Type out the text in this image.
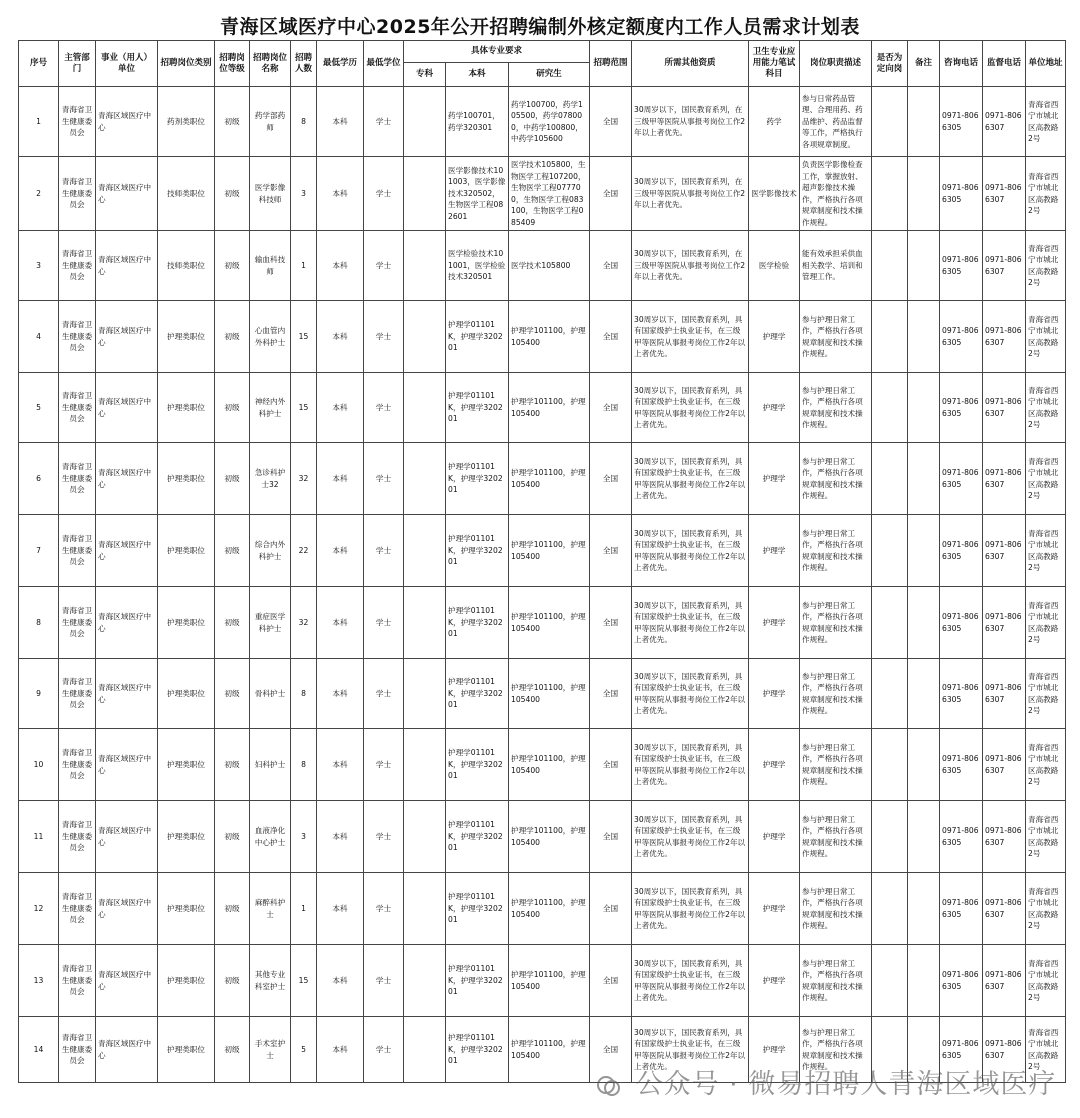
青海区域医疗中心2025年公开招聘编制外核定额度内工作人员需求计划表
序号	主管部门	事业（用人）单位	招聘岗位类别	招聘岗位等级	招聘岗位名称	招聘人数	最低学历	最低学位	具体专业要求			招聘范围	所需其他资质	卫生专业应用能力笔试科目	岗位职责描述	是否为定向岗	备注	咨询电话	监督电话	单位地址
									专科	本科	研究生									
1	青海省卫生健康委员会	青海区域医疗中心	药剂类职位	初级	药学部药师	8	本科	学士		药学100701，药学320301	药学100700，药学105500，药学078000，中药学100800，中药学105600	全国	30周岁以下，国民教育系列，在三级甲等医院从事报考岗位工作2年以上者优先。	药学	参与日常药品管理、合理用药、药品维护、药品监督等工作，严格执行各项规章制度。			0971-8066305	0971-8066307	青海省西宁市城北区高教路2号
2	青海省卫生健康委员会	青海区域医疗中心	技师类职位	初级	医学影像科技师	3	本科	学士		医学影像技术101003，医学影像技术320502，生物医学工程082601	医学技术105800，生物医学工程107200，生物医学工程077700，生物医学工程083100，生物医学工程085409	全国	30周岁以下，国民教育系列，在三级甲等医院从事报考岗位工作2年以上者优先。	医学影像技术	负责医学影像检查工作，掌握放射、超声影像技术操作，严格执行各项规章制度和技术操作规程。			0971-8066305	0971-8066307	青海省西宁市城北区高教路2号
3	青海省卫生健康委员会	青海区域医疗中心	技师类职位	初级	输血科技师	1	本科	学士		医学检验技术101001，医学检验技术320501	医学技术105800	全国	30周岁以下，国民教育系列，在三级甲等医院从事报考岗位工作2年以上者优先。	医学检验	能有效承担采供血相关教学、培训和管理工作。			0971-8066305	0971-8066307	青海省西宁市城北区高教路2号
4	青海省卫生健康委员会	青海区域医疗中心	护理类职位	初级	心血管内外科护士	15	本科	学士		护理学01101K，护理学320201	护理学101100，护理105400	全国	30周岁以下，国民教育系列，具有国家级护士执业证书，在三级甲等医院从事报考岗位工作2年以上者优先。	护理学	参与护理日常工作，严格执行各项规章制度和技术操作规程。			0971-8066305	0971-8066307	青海省西宁市城北区高教路2号
5	青海省卫生健康委员会	青海区域医疗中心	护理类职位	初级	神经内外科护士	15	本科	学士		护理学01101K，护理学320201	护理学101100，护理105400	全国	30周岁以下，国民教育系列，具有国家级护士执业证书，在三级甲等医院从事报考岗位工作2年以上者优先。	护理学	参与护理日常工作，严格执行各项规章制度和技术操作规程。			0971-8066305	0971-8066307	青海省西宁市城北区高教路2号
6	青海省卫生健康委员会	青海区域医疗中心	护理类职位	初级	急诊科护士32	32	本科	学士		护理学01101K，护理学320201	护理学101100，护理105400	全国	30周岁以下，国民教育系列，具有国家级护士执业证书，在三级甲等医院从事报考岗位工作2年以上者优先。	护理学	参与护理日常工作，严格执行各项规章制度和技术操作规程。			0971-8066305	0971-8066307	青海省西宁市城北区高教路2号
7	青海省卫生健康委员会	青海区域医疗中心	护理类职位	初级	综合内外科护士	22	本科	学士		护理学01101K，护理学320201	护理学101100，护理105400	全国	30周岁以下，国民教育系列，具有国家级护士执业证书，在三级甲等医院从事报考岗位工作2年以上者优先。	护理学	参与护理日常工作，严格执行各项规章制度和技术操作规程。			0971-8066305	0971-8066307	青海省西宁市城北区高教路2号
8	青海省卫生健康委员会	青海区域医疗中心	护理类职位	初级	重症医学科护士	32	本科	学士		护理学01101K，护理学320201	护理学101100，护理105400	全国	30周岁以下，国民教育系列，具有国家级护士执业证书，在三级甲等医院从事报考岗位工作2年以上者优先。	护理学	参与护理日常工作，严格执行各项规章制度和技术操作规程。			0971-8066305	0971-8066307	青海省西宁市城北区高教路2号
9	青海省卫生健康委员会	青海区域医疗中心	护理类职位	初级	骨科护士	8	本科	学士		护理学01101K，护理学320201	护理学101100，护理105400	全国	30周岁以下，国民教育系列，具有国家级护士执业证书，在三级甲等医院从事报考岗位工作2年以上者优先。	护理学	参与护理日常工作，严格执行各项规章制度和技术操作规程。			0971-8066305	0971-8066307	青海省西宁市城北区高教路2号
10	青海省卫生健康委员会	青海区域医疗中心	护理类职位	初级	妇科护士	8	本科	学士		护理学01101K，护理学320201	护理学101100，护理105400	全国	30周岁以下，国民教育系列，具有国家级护士执业证书，在三级甲等医院从事报考岗位工作2年以上者优先。	护理学	参与护理日常工作，严格执行各项规章制度和技术操作规程。			0971-8066305	0971-8066307	青海省西宁市城北区高教路2号
11	青海省卫生健康委员会	青海区域医疗中心	护理类职位	初级	血液净化中心护士	3	本科	学士		护理学01101K，护理学320201	护理学101100，护理105400	全国	30周岁以下，国民教育系列，具有国家级护士执业证书，在三级甲等医院从事报考岗位工作2年以上者优先。	护理学	参与护理日常工作，严格执行各项规章制度和技术操作规程。			0971-8066305	0971-8066307	青海省西宁市城北区高教路2号
12	青海省卫生健康委员会	青海区域医疗中心	护理类职位	初级	麻醉科护士	1	本科	学士		护理学01101K，护理学320201	护理学101100，护理105400	全国	30周岁以下，国民教育系列，具有国家级护士执业证书，在三级甲等医院从事报考岗位工作2年以上者优先。	护理学	参与护理日常工作，严格执行各项规章制度和技术操作规程。			0971-8066305	0971-8066307	青海省西宁市城北区高教路2号
13	青海省卫生健康委员会	青海区域医疗中心	护理类职位	初级	其他专业科室护士	15	本科	学士		护理学01101K，护理学320201	护理学101100，护理105400	全国	30周岁以下，国民教育系列，具有国家级护士执业证书，在三级甲等医院从事报考岗位工作2年以上者优先。	护理学	参与护理日常工作，严格执行各项规章制度和技术操作规程。			0971-8066305	0971-8066307	青海省西宁市城北区高教路2号
14	青海省卫生健康委员会	青海区域医疗中心	护理类职位	初级	手术室护士	5	本科	学士		护理学01101K，护理学320201	护理学101100，护理105400	全国	30周岁以下，国民教育系列，具有国家级护士执业证书，在三级甲等医院从事报考岗位工作2年以上者优先。	护理学	参与护理日常工作，严格执行各项规章制度和技术操作规程。			0971-8066305	0971-8066307	青海省西宁市城北区高教路2号
公众号 · 微易招聘人青海区域医疗
